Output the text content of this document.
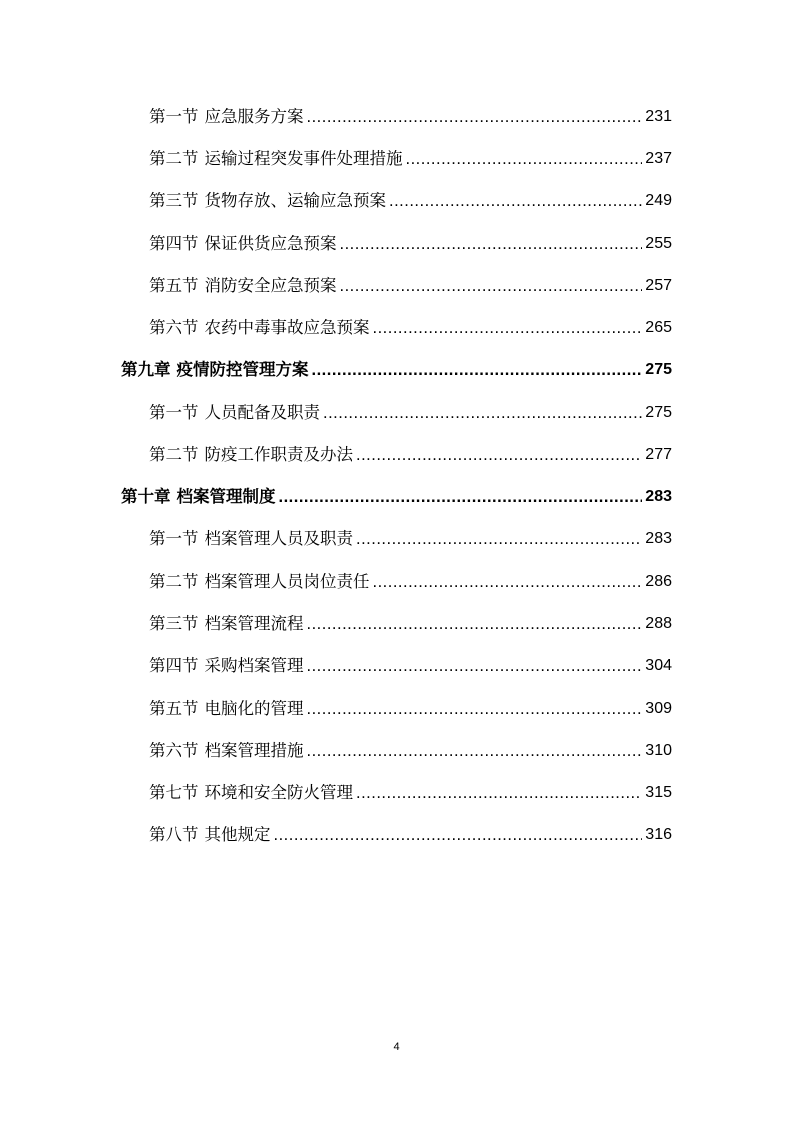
第一节 应急服务方案 .....	231
第二节 运输过程突发事件处理措施 .....	237
第三节 货物存放、运输应急预案 .....	249
第四节 保证供货应急预案 .....	255
第五节 消防安全应急预案 .....	257
第六节 农药中毒事故应急预案 .....	265
第九章 疫情防控管理方案 .....	275
第一节 人员配备及职责 .....	275
第二节 防疫工作职责及办法 .....	277
第十章 档案管理制度 .....	283
第一节 档案管理人员及职责 .....	283
第二节 档案管理人员岗位责任 .....	286
第三节 档案管理流程 .....	288
第四节 采购档案管理 .....	304
第五节 电脑化的管理 .....	309
第六节 档案管理措施 .....	310
第七节 环境和安全防火管理 .....	315
第八节 其他规定 .....	316
4
